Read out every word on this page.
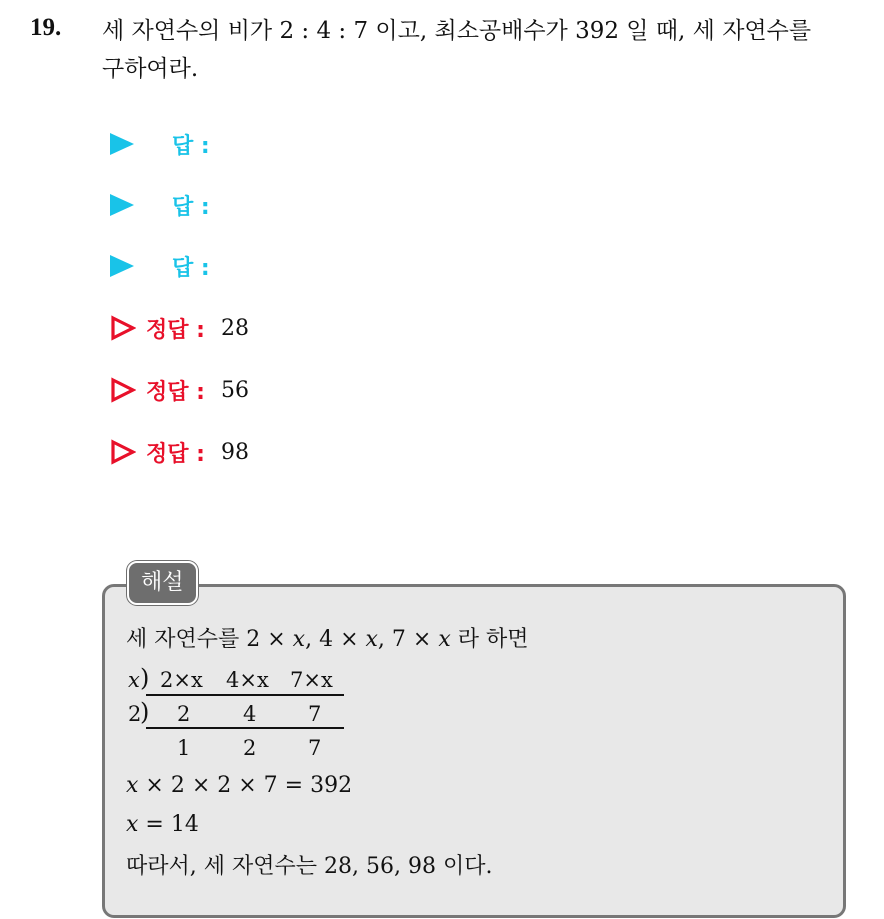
19. 세 자연수의 비가 2 : 4 : 7 이고, 최소공배수가 392 일 때, 세 자연수를
구하여라.
답 :
답 :
답 :
정답 : 28
정답 : 56
정답 : 98
해설
세 자연수를 2 × x, 4 × x, 7 × x 라 하면
x ) 2×x 4×x 7×x
2
) 2	4 7
1	2 7
x × 2 × 2 × 7 = 392
x = 14
따라서, 세 자연수는 28, 56, 98 이다.
